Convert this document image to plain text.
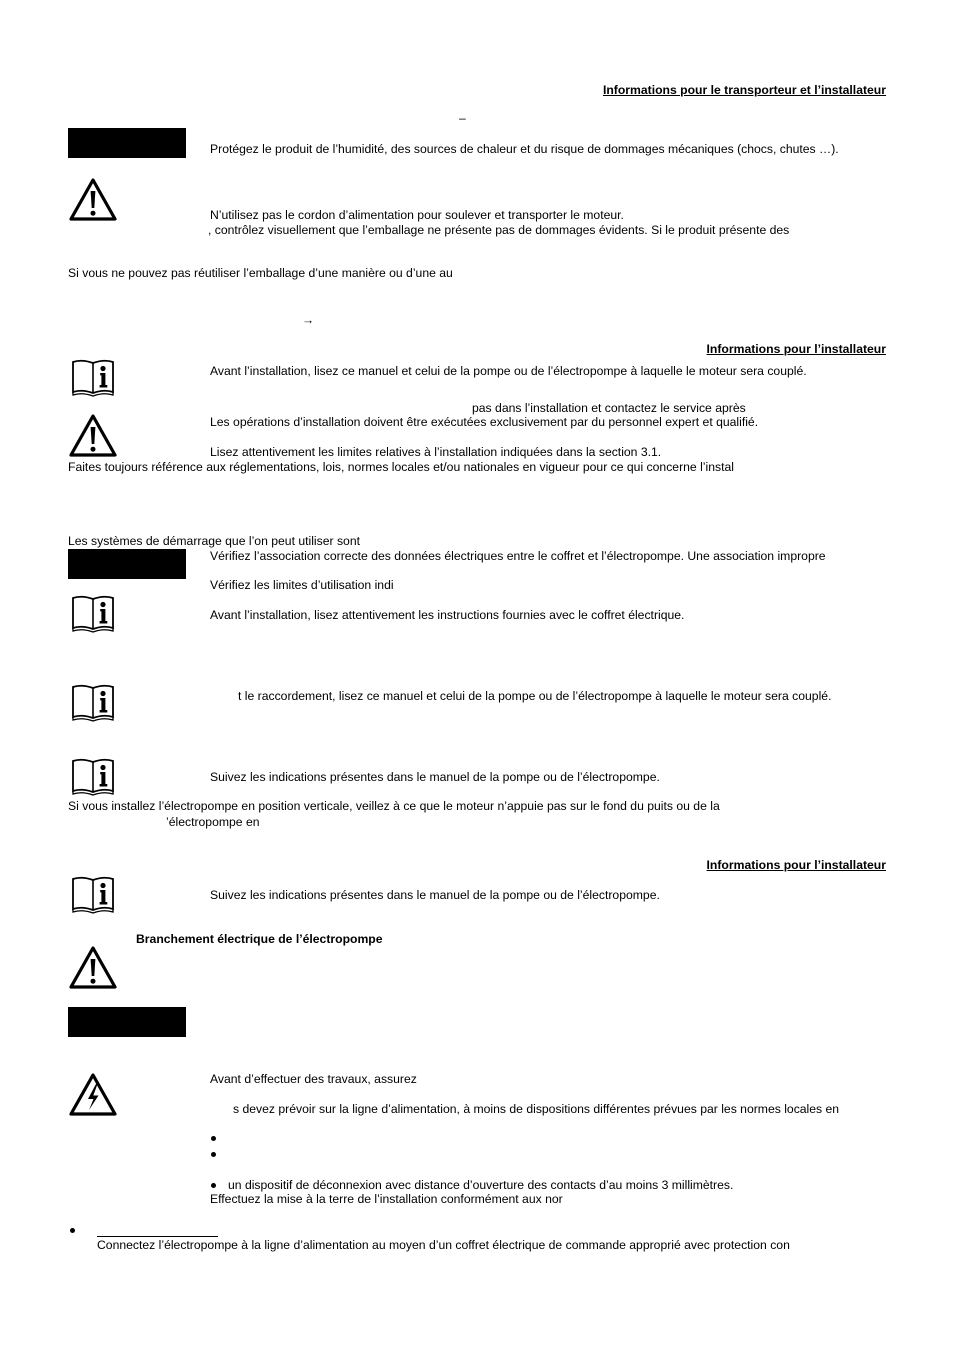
Informations pour le transporteur et l’installateur
–
Protégez le produit de l’humidité, des sources de chaleur et du risque de dommages mécaniques (chocs, chutes …).
N’utilisez pas le cordon d’alimentation pour soulever et transporter le moteur.
, contrôlez visuellement que l’emballage ne présente pas de dommages évidents. Si le produit présente des
Si vous ne pouvez pas réutiliser l’emballage d’une manière ou d’une au
→
Informations pour l’installateur
Avant l’installation, lisez ce manuel et celui de la pompe ou de l’électropompe à laquelle le moteur sera couplé.
pas dans l’installation et contactez le service après
Les opérations d’installation doivent être exécutées exclusivement par du personnel expert et qualifié.
Lisez attentivement les limites relatives à l’installation indiquées dans la section 3.1.
Faites toujours référence aux réglementations, lois, normes locales et/ou nationales en vigueur pour ce qui concerne l’instal
Les systèmes de démarrage que l’on peut utiliser sont
Vérifiez l’association correcte des données électriques entre le coffret et l’électropompe. Une association impropre
Vérifiez les limites d’utilisation indi
Avant l’installation, lisez attentivement les instructions fournies avec le coffret électrique.
t le raccordement, lisez ce manuel et celui de la pompe ou de l’électropompe à laquelle le moteur sera couplé.
Suivez les indications présentes dans le manuel de la pompe ou de l’électropompe.
Si vous installez l’électropompe en position verticale, veillez à ce que le moteur n’appuie pas sur le fond du puits ou de la
’électropompe en
Informations pour l’installateur
Suivez les indications présentes dans le manuel de la pompe ou de l’électropompe.
Branchement électrique de l’électropompe
Avant d’effectuer des travaux, assurez
s devez prévoir sur la ligne d’alimentation, à moins de dispositions différentes prévues par les normes locales en
un dispositif de déconnexion avec distance d’ouverture des contacts d’au moins 3 millimètres.
Effectuez la mise à la terre de l’installation conformément aux nor
Connectez l’électropompe à la ligne d’alimentation au moyen d’un coffret électrique de commande approprié avec protection con
